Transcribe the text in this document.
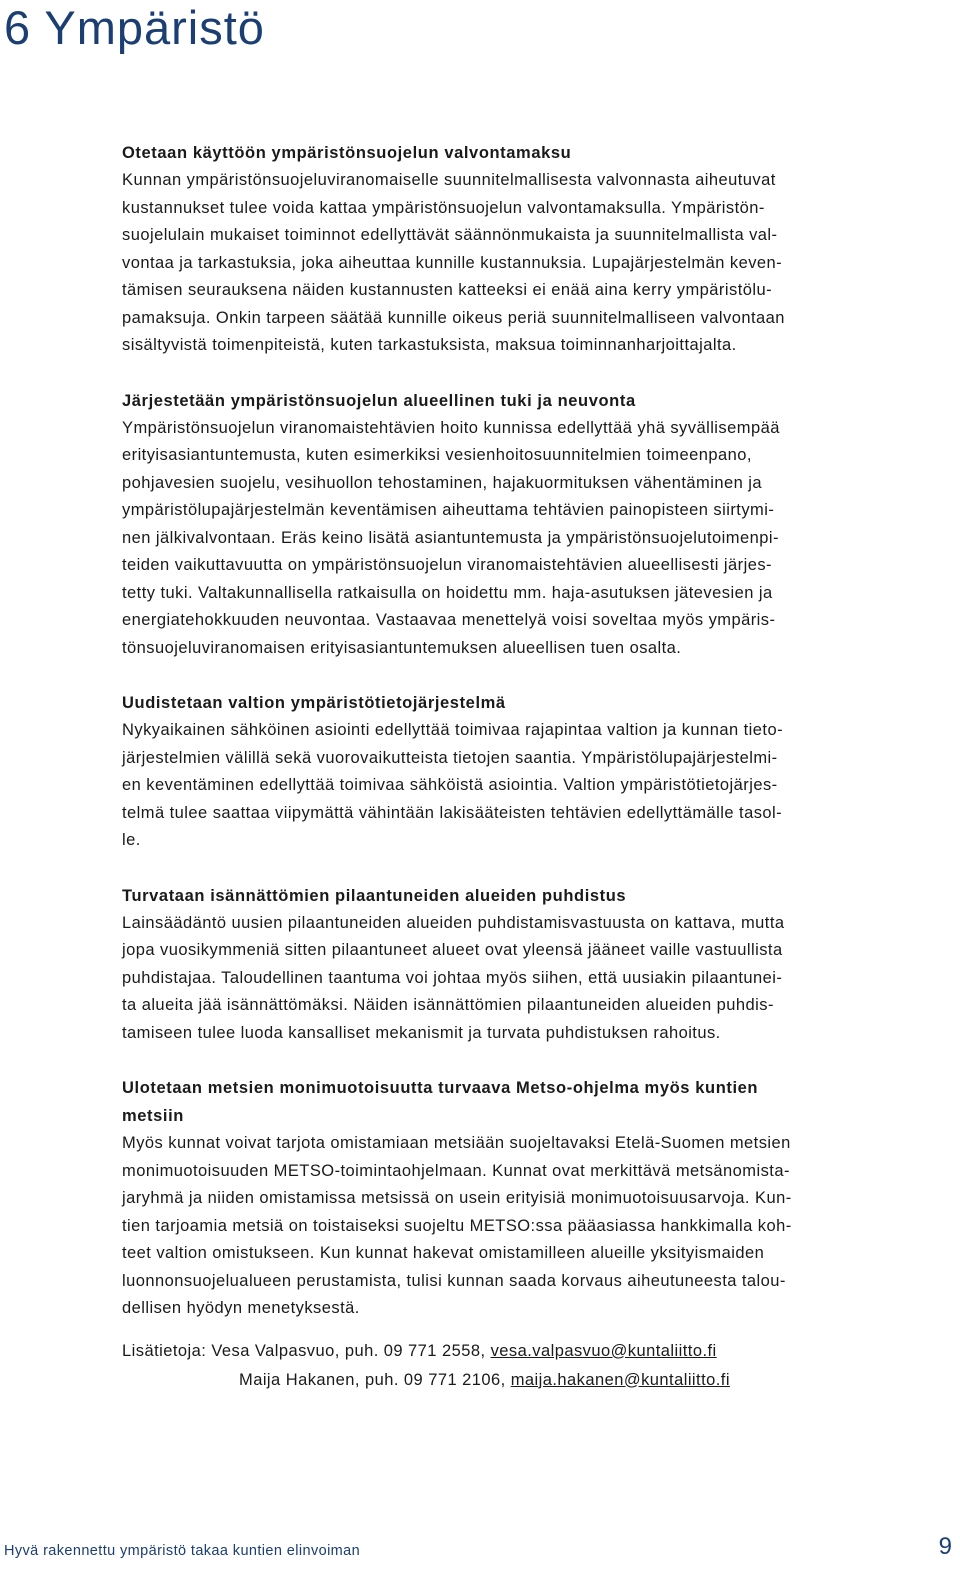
6 Ympäristö
Otetaan käyttöön ympäristönsuojelun valvontamaksu

Kunnan ympäristönsuojeluviranomaiselle suunnitelmallisesta valvonnasta aiheutuvat
kustannukset tulee voida kattaa ympäristönsuojelun valvontamaksulla. Ympäristön-
suojelulain mukaiset toiminnot edellyttävät säännönmukaista ja suunnitelmallista val-
vontaa ja tarkastuksia, joka aiheuttaa kunnille kustannuksia. Lupajärjestelmän keven-
tämisen seurauksena näiden kustannusten katteeksi ei enää aina kerry ympäristölu-
pamaksuja. Onkin tarpeen säätää kunnille oikeus periä suunnitelmalliseen valvontaan
sisältyvistä toimenpiteistä, kuten tarkastuksista, maksua toiminnanharjoittajalta.

Järjestetään ympäristönsuojelun alueellinen tuki ja neuvonta

Ympäristönsuojelun viranomaistehtävien hoito kunnissa edellyttää yhä syvällisempää
erityisasiantuntemusta, kuten esimerkiksi vesienhoitosuunnitelmien toimeenpano,
pohjavesien suojelu, vesihuollon tehostaminen, hajakuormituksen vähentäminen ja
ympäristölupajärjestelmän keventämisen aiheuttama tehtävien painopisteen siirtymi-
nen jälkivalvontaan. Eräs keino lisätä asiantuntemusta ja ympäristönsuojelutoimenpi-
teiden vaikuttavuutta on ympäristönsuojelun viranomaistehtävien alueellisesti järjes-
tetty tuki. Valtakunnallisella ratkaisulla on hoidettu mm. haja-asutuksen jätevesien ja
energiatehokkuuden neuvontaa. Vastaavaa menettelyä voisi soveltaa myös ympäris-
tönsuojeluviranomaisen erityisasiantuntemuksen alueellisen tuen osalta.

Uudistetaan valtion ympäristötietojärjestelmä

Nykyaikainen sähköinen asiointi edellyttää toimivaa rajapintaa valtion ja kunnan tieto-
järjestelmien välillä sekä vuorovaikutteista tietojen saantia. Ympäristölupajärjestelmi-
en keventäminen edellyttää toimivaa sähköistä asiointia. Valtion ympäristötietojärjes-
telmä tulee saattaa viipymättä vähintään lakisääteisten tehtävien edellyttämälle tasol-
le.

Turvataan isännättömien pilaantuneiden alueiden puhdistus

Lainsäädäntö uusien pilaantuneiden alueiden puhdistamisvastuusta on kattava, mutta
jopa vuosikymmeniä sitten pilaantuneet alueet ovat yleensä jääneet vaille vastuullista
puhdistajaa. Taloudellinen taantuma voi johtaa myös siihen, että uusiakin pilaantunei-
ta alueita jää isännättömäksi. Näiden isännättömien pilaantuneiden alueiden puhdis-
tamiseen tulee luoda kansalliset mekanismit ja turvata puhdistuksen rahoitus.

Ulotetaan metsien monimuotoisuutta turvaava Metso-ohjelma myös kuntien
metsiin

Myös kunnat voivat tarjota omistamiaan metsiään suojeltavaksi Etelä-Suomen metsien
monimuotoisuuden METSO-toimintaohjelmaan. Kunnat ovat merkittävä metsänomista-
jaryhmä ja niiden omistamissa metsissä on usein erityisiä monimuotoisuusarvoja. Kun-
tien tarjoamia metsiä on toistaiseksi suojeltu METSO:ssa pääasiassa hankkimalla koh-
teet valtion omistukseen. Kun kunnat hakevat omistamilleen alueille yksityismaiden
luonnonsuojelualueen perustamista, tulisi kunnan saada korvaus aiheutuneesta talou-
dellisen hyödyn menetyksestä.

Lisätietoja: Vesa Valpasvuo, puh. 09 771 2558, vesa.valpasvuo@kuntaliitto.fi
Maija Hakanen, puh. 09 771 2106, maija.hakanen@kuntaliitto.fi
Hyvä rakennettu ympäristö takaa kuntien elinvoiman	9
